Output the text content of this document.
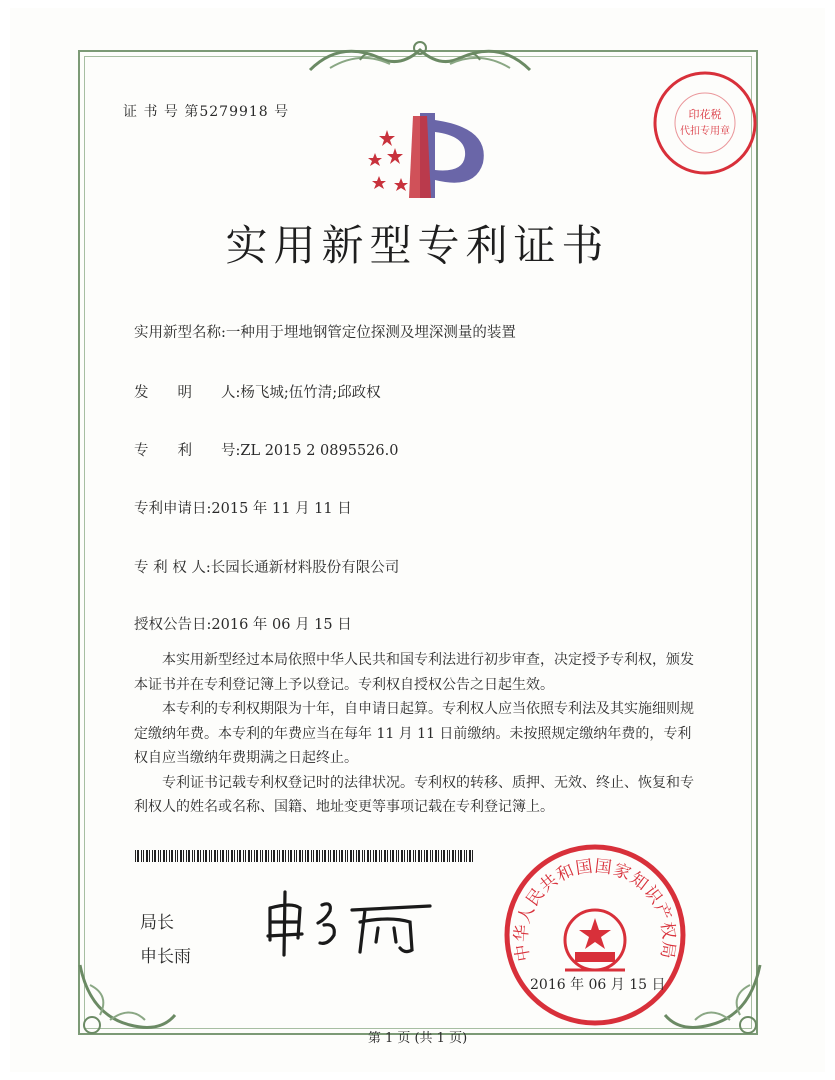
证 书 号 第5279918 号
实用新型专利证书
实用新型名称:一种用于埋地钢管定位探测及埋深测量的装置
发　　明　　人:杨飞城;伍竹清;邱政权
专　　利　　号:ZL 2015 2 0895526.0
专利申请日:2015 年 11 月 11 日
专 利 权 人:长园长通新材料股份有限公司
授权公告日:2016 年 06 月 15 日

本实用新型经过本局依照中华人民共和国专利法进行初步审查，决定授予专利权，颁发本证书并在专利登记簿上予以登记。专利权自授权公告之日起生效。

本专利的专利权期限为十年，自申请日起算。专利权人应当依照专利法及其实施细则规定缴纳年费。本专利的年费应当在每年 11 月 11 日前缴纳。未按照规定缴纳年费的，专利权自应当缴纳年费期满之日起终止。

专利证书记载专利权登记时的法律状况。专利权的转移、质押、无效、终止、恢复和专利权人的姓名或名称、国籍、地址变更等事项记载在专利登记簿上。

局长
申长雨
印花税
代扣专用章
中华人民共和国国家知识产权局
2016 年 06 月 15 日
第 1 页 (共 1 页)
